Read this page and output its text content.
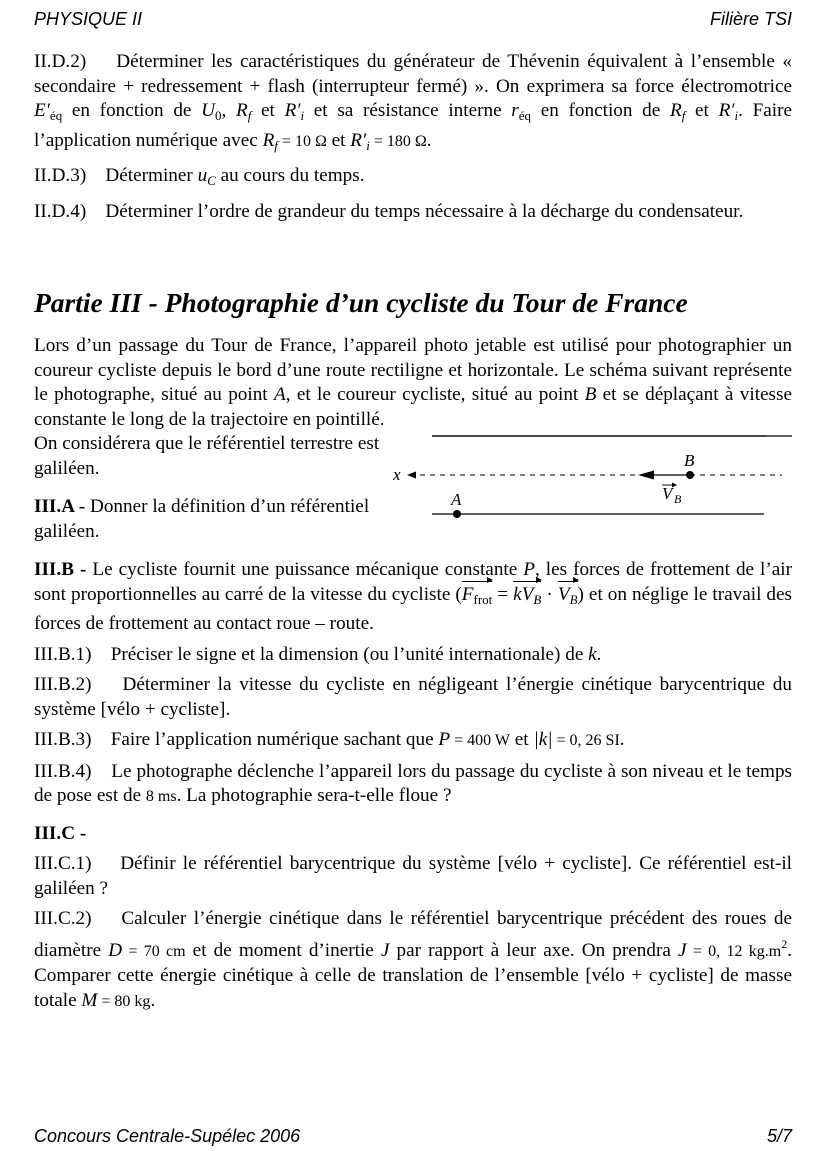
PHYSIQUE II	Filière TSI

II.D.2) Déterminer les caractéristiques du générateur de Thévenin équivalent à l’ensemble « secondaire + redressement + flash (interrupteur fermé) ». On exprimera sa force électromotrice $E'_{éq}$ en fonction de $U_0$, $R_f$ et $R'_i$ et sa résistance interne $r_{éq}$ en fonction de $R_f$ et $R'_i$. Faire l’application numérique avec $R_f = 10$ Ω et $R'_i = 180$ Ω.

II.D.3) Déterminer $u_C$ au cours du temps.

II.D.4) Déterminer l’ordre de grandeur du temps nécessaire à la décharge du condensateur.

Partie III - Photographie d’un cycliste du Tour de France

Lors d’un passage du Tour de France, l’appareil photo jetable est utilisé pour photographier un coureur cycliste depuis le bord d’une route rectiligne et horizontale. Le schéma suivant représente le photographe, situé au point A, et le coureur cycliste, situé au point B et se déplaçant à vitesse constante le long de la trajectoire en pointillé.

On considérera que le référentiel terrestre est galiléen.

III.A - Donner la définition d’un référentiel galiléen.

x
A
B
V B

III.B - Le cycliste fournit une puissance mécanique constante P, les forces de frottement de l’air sont proportionnelles au carré de la vitesse du cycliste $(F_{frot} = kV_B \cdot V_B)$ et on néglige le travail des forces de frottement au contact roue – route.

III.B.1) Préciser le signe et la dimension (ou l’unité internationale) de k.

III.B.2) Déterminer la vitesse du cycliste en négligeant l’énergie cinétique barycentrique du système [vélo + cycliste].

III.B.3) Faire l’application numérique sachant que P = 400 W et |k| = 0, 26 SI.

III.B.4) Le photographe déclenche l’appareil lors du passage du cycliste à son niveau et le temps de pose est de 8 ms. La photographie sera-t-elle floue ?

III.C -

III.C.1) Définir le référentiel barycentrique du système [vélo + cycliste]. Ce référentiel est-il galiléen ?

III.C.2) Calculer l’énergie cinétique dans le référentiel barycentrique précédent des roues de diamètre D = 70 cm et de moment d’inertie J par rapport à leur axe. On prendra J = 0, 12 $kg.m^2$. Comparer cette énergie cinétique à celle de translation de l’ensemble [vélo + cycliste] de masse totale M = 80 kg.

Concours Centrale-Supélec 2006	5/7
